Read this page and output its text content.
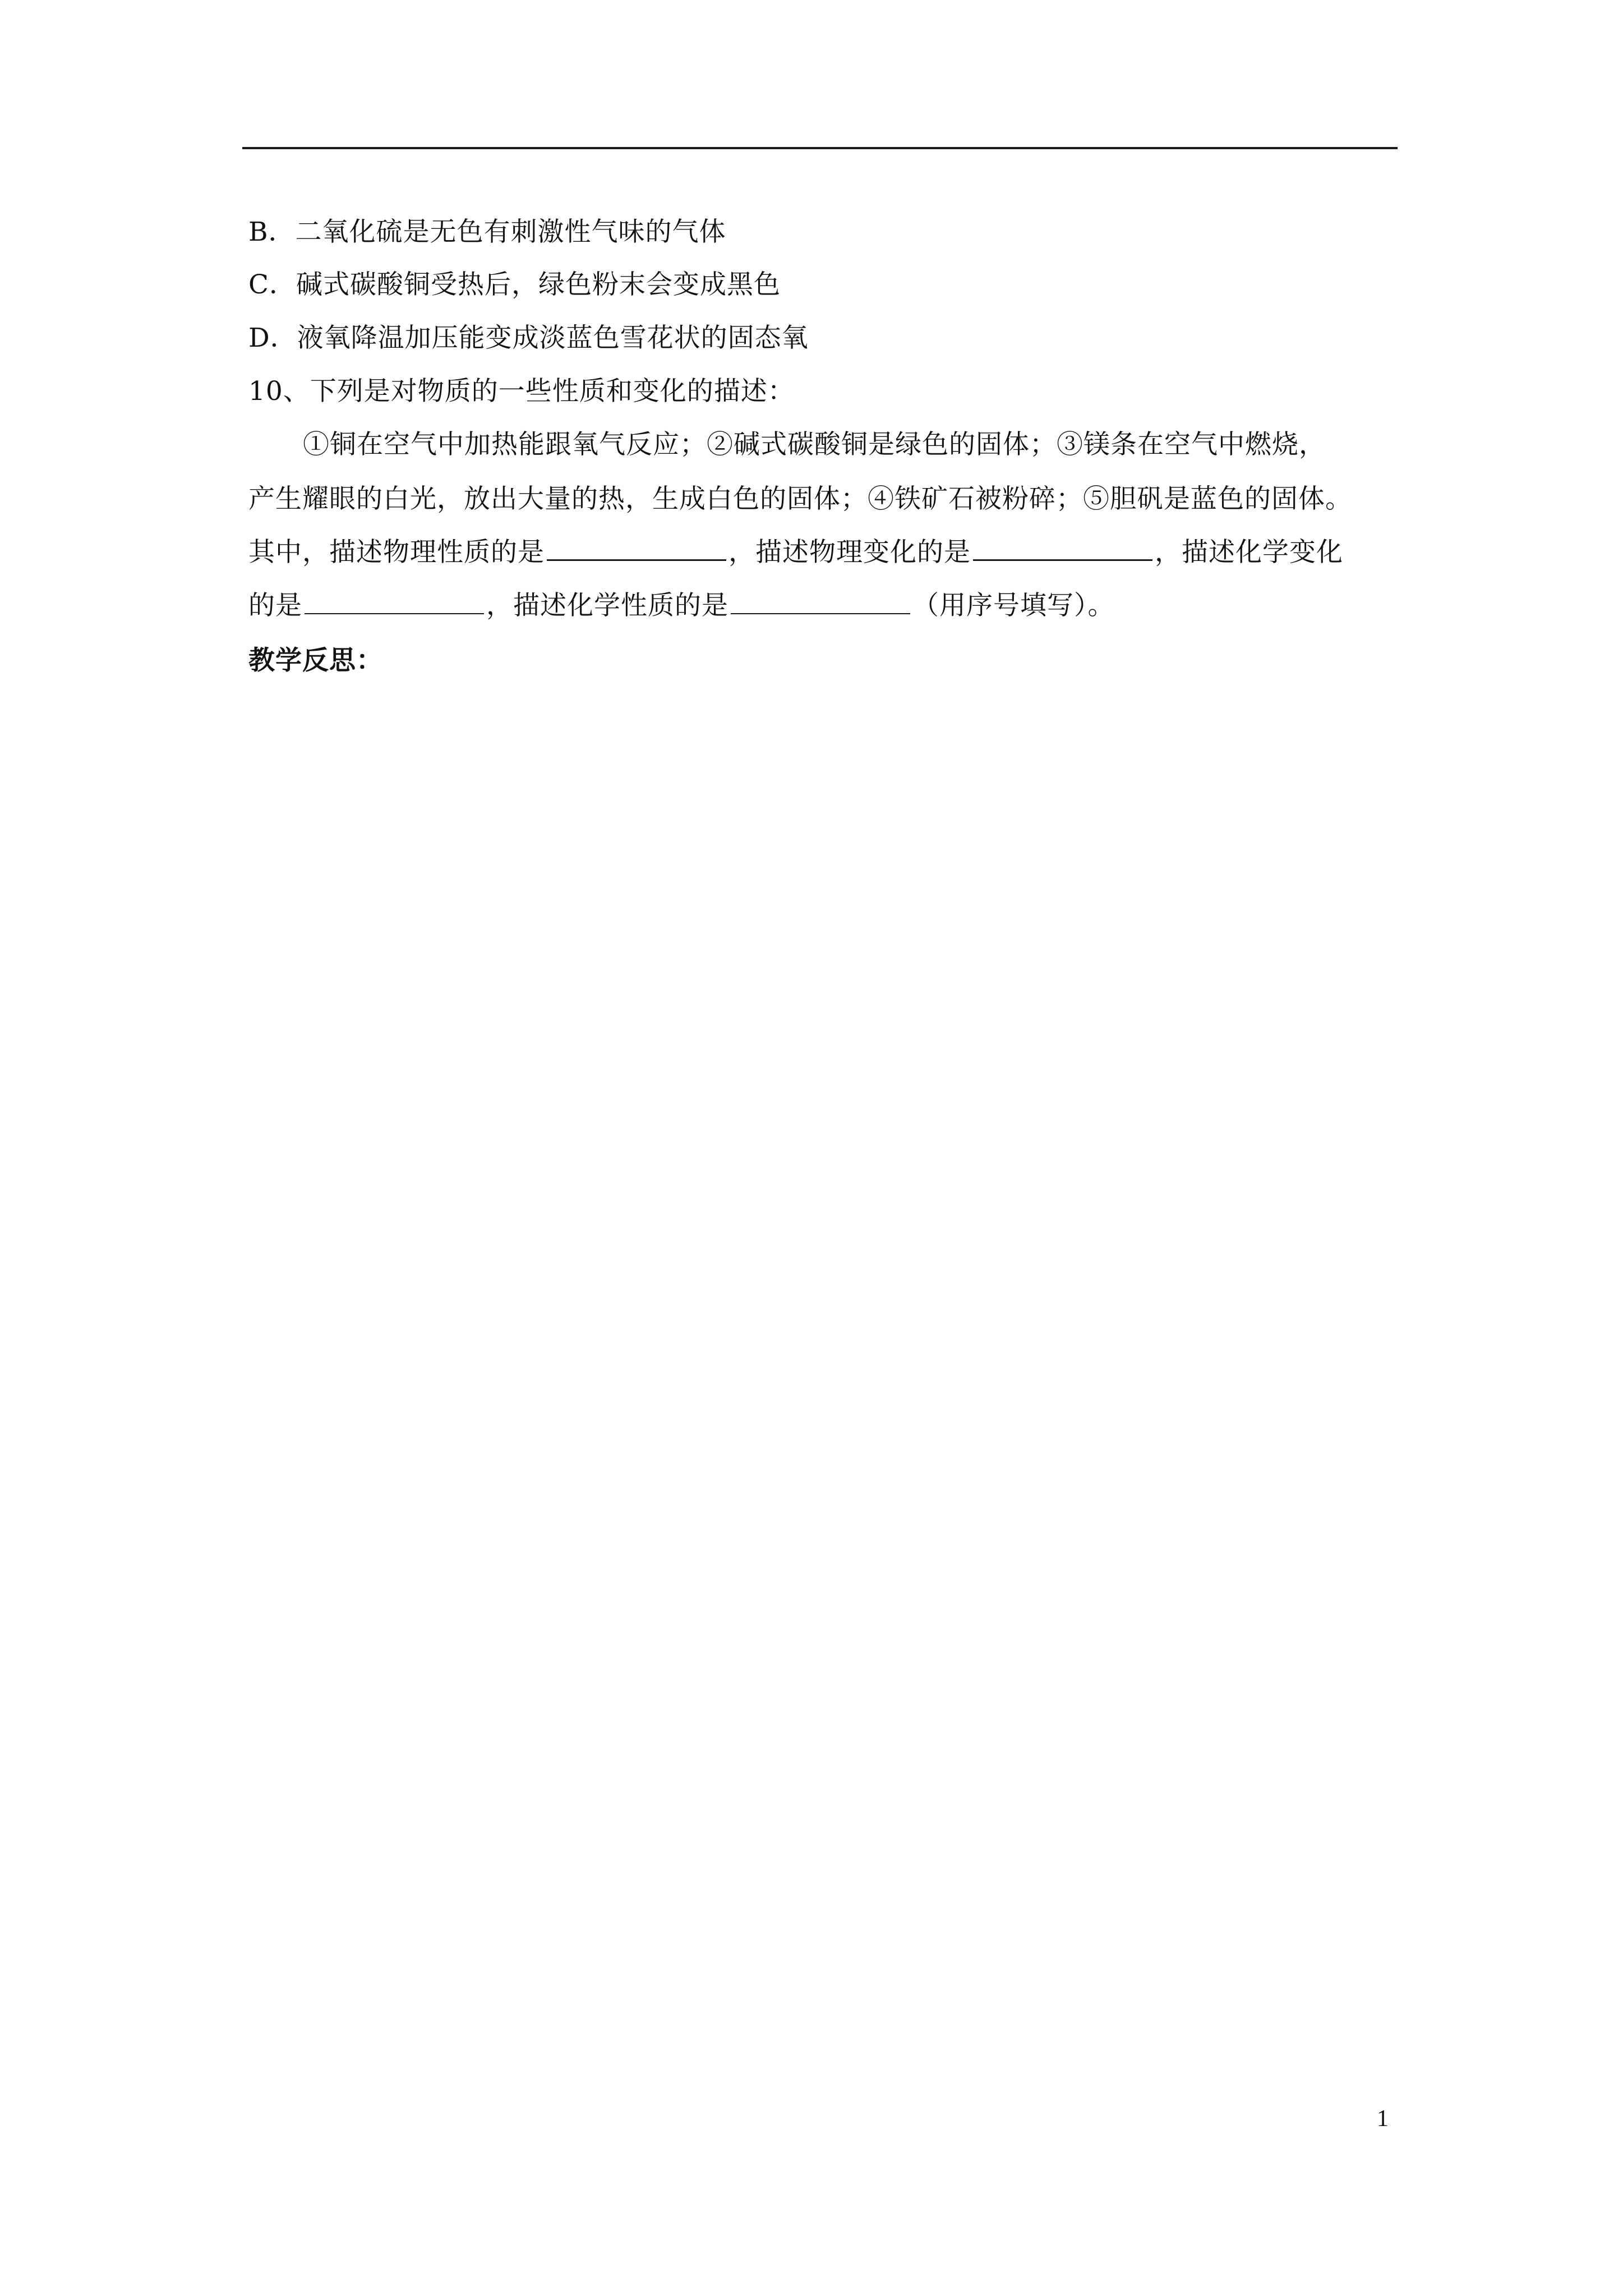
B．二氧化硫是无色有刺激性气味的气体
C．碱式碳酸铜受热后，绿色粉末会变成黑色
D．液氧降温加压能变成淡蓝色雪花状的固态氧
10、下列是对物质的一些性质和变化的描述：
①铜在空气中加热能跟氧气反应；②碱式碳酸铜是绿色的固体；③镁条在空气中燃烧，
产生耀眼的白光，放出大量的热，生成白色的固体；④铁矿石被粉碎；⑤胆矾是蓝色的固体。
其中，描述物理性质的是	，描述物理变化的是	，描述化学变化
的是	，描述化学性质的是	（用序号填写）。
教学反思：
1
